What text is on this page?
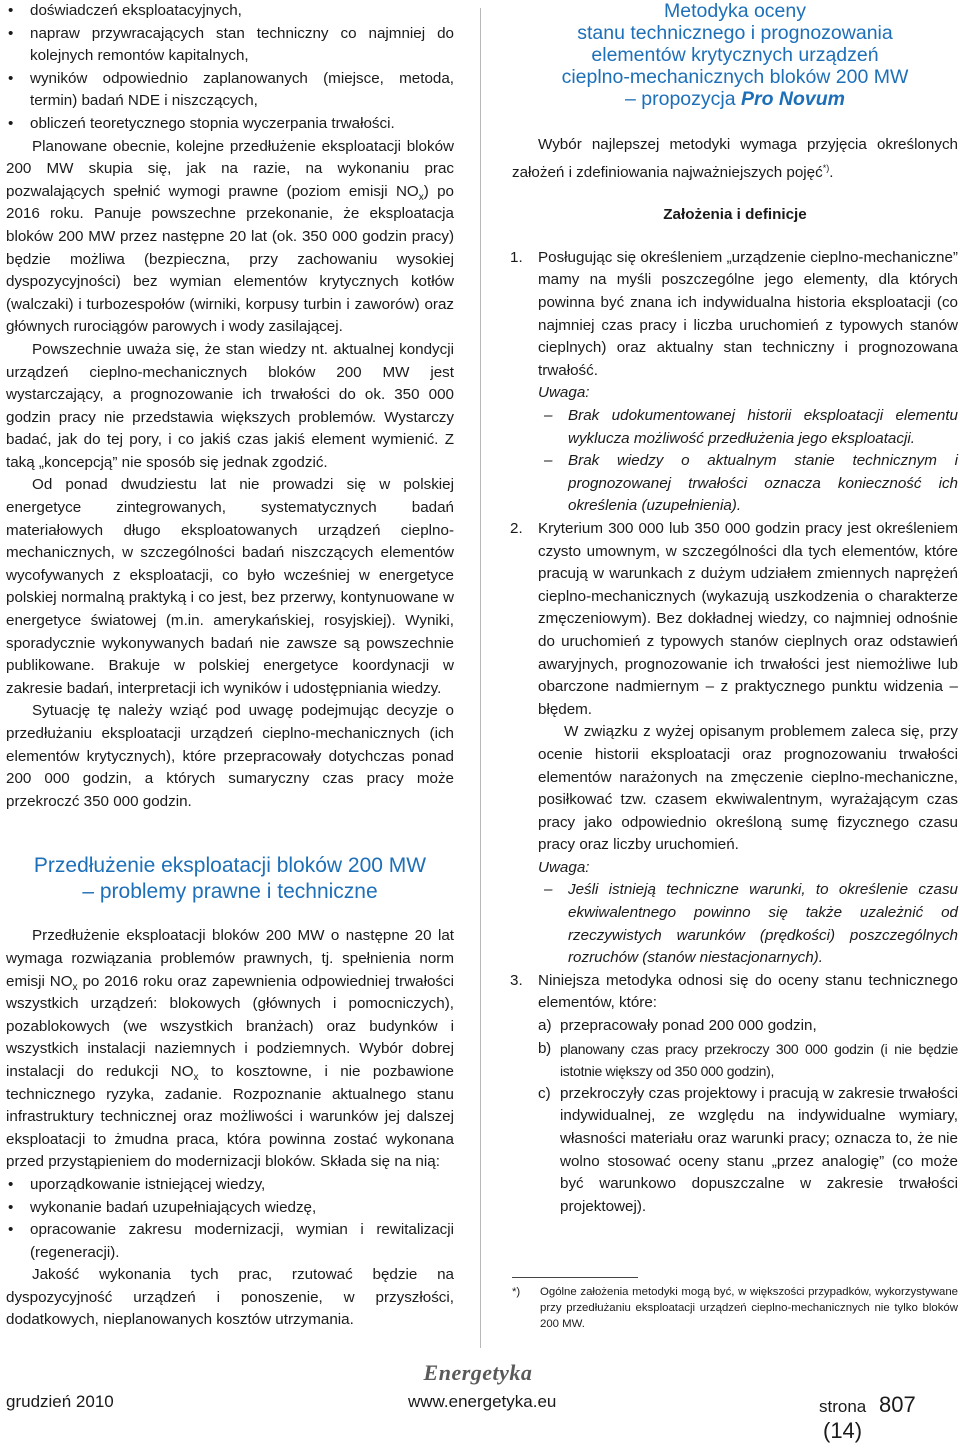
• doświadczeń eksploatacyjnych,
• napraw przywracających stan techniczny co najmniej do kolejnych remontów kapitalnych,
• wyników odpowiednio zaplanowanych (miejsce, metoda, termin) badań NDE i niszczących,
• obliczeń teoretycznego stopnia wyczerpania trwałości.

Planowane obecnie, kolejne przedłużenie eksploatacji bloków 200 MW skupia się, jak na razie, na wykonaniu prac pozwalających spełnić wymogi prawne (poziom emisji $NO_x$) po 2016 roku. Panuje powszechne przekonanie, że eksploatacja bloków 200 MW przez następne 20 lat (ok. 350 000 godzin pracy) będzie możliwa (bezpieczna, przy zachowaniu wysokiej dyspozycyjności) bez wymian elementów krytycznych kotłów (walczaki) i turbozespołów (wirniki, korpusy turbin i zaworów) oraz głównych rurociągów parowych i wody zasilającej.

Powszechnie uważa się, że stan wiedzy nt. aktualnej kondycji urządzeń cieplno-mechanicznych bloków 200 MW jest wystarczający, a prognozowanie ich trwałości do ok. 350 000 godzin pracy nie przedstawia większych problemów. Wystarczy badać, jak do tej pory, i co jakiś czas jakiś element wymienić. Z taką „koncepcją” nie sposób się jednak zgodzić.

Od ponad dwudziestu lat nie prowadzi się w polskiej energetyce zintegrowanych, systematycznych badań materiałowych długo eksploatowanych urządzeń cieplno-mechanicznych, w szczególności badań niszczących elementów wycofywanych z eksploatacji, co było wcześniej w energetyce polskiej normalną praktyką i co jest, bez przerwy, kontynuowane w energetyce światowej (m.in. amerykańskiej, rosyjskiej). Wyniki, sporadycznie wykonywanych badań nie zawsze są powszechnie publikowane. Brakuje w polskiej energetyce koordynacji w zakresie badań, interpretacji ich wyników i udostępniania wiedzy.

Sytuację tę należy wziąć pod uwagę podejmując decyzje o przedłużaniu eksploatacji urządzeń cieplno-mechanicznych (ich elementów krytycznych), które przepracowały dotychczas ponad 200 000 godzin, a których sumaryczny czas pracy może przekroczć 350 000 godzin.

Przedłużenie eksploatacji bloków 200 MW
– problemy prawne i techniczne

Przedłużenie eksploatacji bloków 200 MW o następne 20 lat wymaga rozwiązania problemów prawnych, tj. spełnienia norm emisji $NO_x$ po 2016 roku oraz zapewnienia odpowiedniej trwałości wszystkich urządzeń: blokowych (głównych i pomocniczych), pozablokowych (we wszystkich branżach) oraz budynków i wszystkich instalacji naziemnych i podziemnych. Wybór dobrej instalacji do redukcji $NO_x$ to kosztowne, i nie pozbawione technicznego ryzyka, zadanie. Rozpoznanie aktualnego stanu infrastruktury technicznej oraz możliwości i warunków jej dalszej eksploatacji to żmudna praca, która powinna zostać wykonana przed przystąpieniem do modernizacji bloków. Składa się na nią:

• uporządkowanie istniejącej wiedzy,
• wykonanie badań uzupełniających wiedzę,
• opracowanie zakresu modernizacji, wymian i rewitalizacji (regeneracji).

Jakość wykonania tych prac, rzutować będzie na dyspozycyjność urządzeń i ponoszenie, w przyszłości, dodatkowych, nieplanowanych kosztów utrzymania.

Metodyka oceny
stanu technicznego i prognozowania
elementów krytycznych urządzeń
cieplno-mechanicznych bloków 200 MW
– propozycja Pro Novum

Wybór najlepszej metodyki wymaga przyjęcia określonych założeń i zdefiniowania najważniejszych pojęć*).

Założenia i definicje

1. Posługując się określeniem „urządzenie cieplno-mechaniczne” mamy na myśli poszczególne jego elementy, dla których powinna być znana ich indywidualna historia eksploatacji (co najmniej czas pracy i liczba uruchomień z typowych stanów cieplnych) oraz aktualny stan techniczny i prognozowana trwałość.

Uwaga:

– Brak udokumentowanej historii eksploatacji elementu wyklucza możliwość przedłużenia jego eksploatacji.
– Brak wiedzy o aktualnym stanie technicznym i prognozowanej trwałości oznacza konieczność ich określenia (uzupełnienia).
2. Kryterium 300 000 lub 350 000 godzin pracy jest określeniem czysto umownym, w szczególności dla tych elementów, które pracują w warunkach z dużym udziałem zmiennych naprężeń cieplno-mechanicznych (wykazują uszkodzenia o charakterze zmęczeniowym). Bez dokładnej wiedzy, co najmniej odnośnie do uruchomień z typowych stanów cieplnych oraz odstawień awaryjnych, prognozowanie ich trwałości jest niemożliwe lub obarczone nadmiernym – z praktycznego punktu widzenia – błędem.

W związku z wyżej opisanym problemem zaleca się, przy ocenie historii eksploatacji oraz prognozowaniu trwałości elementów narażonych na zmęczenie cieplno-mechaniczne, posiłkować tzw. czasem ekwiwalentnym, wyrażającym czas pracy jako odpowiednio określoną sumę fizycznego czasu pracy oraz liczby uruchomień.

Uwaga:

– Jeśli istnieją techniczne warunki, to określenie czasu ekwiwalentnego powinno się także uzależnić od rzeczywistych warunków (prędkości) poszczególnych rozruchów (stanów niestacjonarnych).
3. Niniejsza metodyka odnosi się do oceny stanu technicznego elementów, które:

a) przepracowały ponad 200 000 godzin,
b) planowany czas pracy przekroczy 300 000 godzin (i nie będzie istotnie większy od 350 000 godzin),
c) przekroczyły czas projektowy i pracują w zakresie trwałości indywidualnej, ze względu na indywidualne wymiary, własności materiału oraz warunki pracy; oznacza to, że nie wolno stosować oceny stanu „przez analogię” (co może być warunkowo dopuszczalne w zakresie trwałości projektowej).
*)	Ogólne założenia metodyki mogą być, w większości przypadków, wykorzystywane przy przedłużaniu eksploatacji urządzeń cieplno-mechanicznych nie tylko bloków 200 MW.
grudzień 2010
Energetyka
www.energetyka.eu	strona 807 (14)
